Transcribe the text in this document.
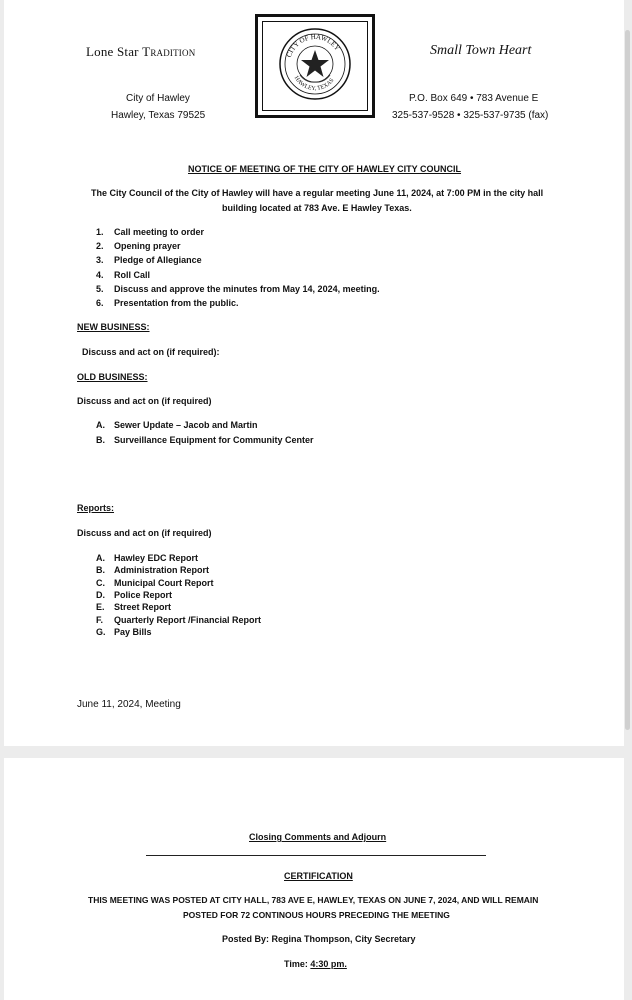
Lone Star Tradition	CITY OF HAWLEY
HAWLEY, TEXAS
Small Town Heart
City of Hawley
Hawley, Texas 79525
P.O. Box 649 • 783 Avenue E
325-537-9528 • 325-537-9735 (fax)
NOTICE OF MEETING OF THE CITY OF HAWLEY CITY COUNCIL
The City Council of the City of Hawley will have a regular meeting June 11, 2024, at 7:00 PM in the city hall
building located at 783 Ave. E Hawley Texas.
1.	Call meeting to order
2.	Opening prayer
3.	Pledge of Allegiance
4.	Roll Call
5.	Discuss and approve the minutes from May 14, 2024, meeting.
6.	Presentation from the public.
NEW BUSINESS:
Discuss and act on (if required):
OLD BUSINESS:
Discuss and act on (if required)
A.	Sewer Update – Jacob and Martin
B.	Surveillance Equipment for Community Center
Reports:
Discuss and act on (if required)
A.	Hawley EDC Report
B.	Administration Report
C.	Municipal Court Report
D.	Police Report
E.	Street Report
F.	Quarterly Report /Financial Report
G. Pay Bills
June 11, 2024, Meeting
Closing Comments and Adjourn
CERTIFICATION
THIS MEETING WAS POSTED AT CITY HALL, 783 AVE E, HAWLEY, TEXAS ON JUNE 7, 2024, AND WILL REMAIN
POSTED FOR 72 CONTINOUS HOURS PRECEDING THE MEETING
Posted By: Regina Thompson, City Secretary
Time: 4:30 pm.
